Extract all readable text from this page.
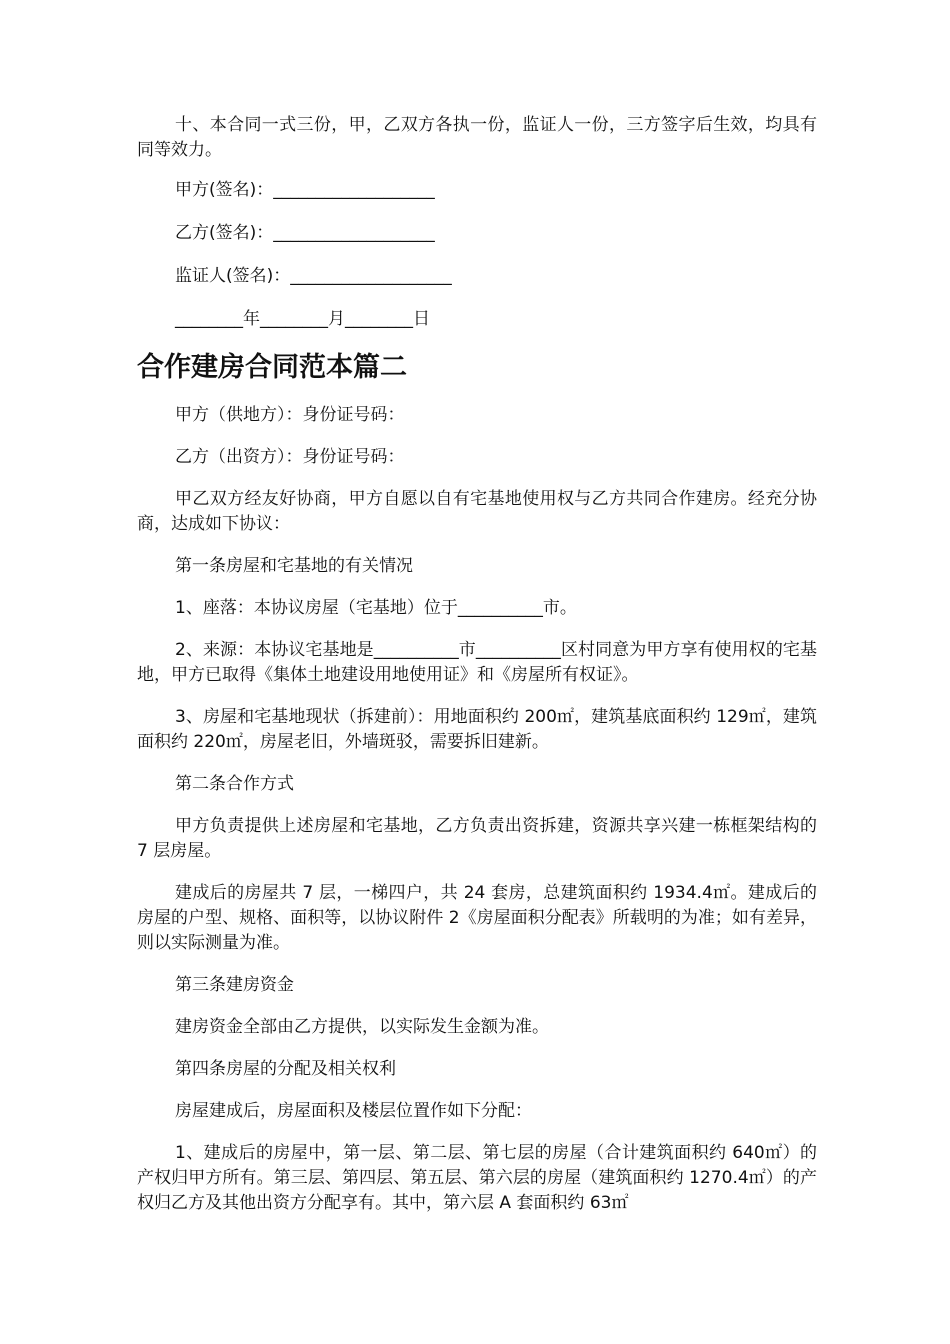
十、本合同一式三份，甲，乙双方各执一份，监证人一份，三方签字后生效，均具有同等效力。

甲方(签名)：___________________

乙方(签名)：___________________

监证人(签名)：___________________

________年________月________日

合作建房合同范本篇二

甲方（供地方）：身份证号码：

乙方（出资方）：身份证号码：

甲乙双方经友好协商，甲方自愿以自有宅基地使用权与乙方共同合作建房。经充分协商，达成如下协议：

第一条房屋和宅基地的有关情况

1、座落：本协议房屋（宅基地）位于__________市。

2、来源：本协议宅基地是__________市__________区村同意为甲方享有使用权的宅基地，甲方已取得《集体土地建设用地使用证》和《房屋所有权证》。

3、房屋和宅基地现状（拆建前）：用地面积约 200㎡，建筑基底面积约 129㎡，建筑面积约 220㎡，房屋老旧，外墙斑驳，需要拆旧建新。

第二条合作方式

甲方负责提供上述房屋和宅基地，乙方负责出资拆建，资源共享兴建一栋框架结构的 7 层房屋。

建成后的房屋共 7 层，一梯四户，共 24 套房，总建筑面积约 1934.4㎡。建成后的房屋的户型、规格、面积等，以协议附件 2《房屋面积分配表》所载明的为准；如有差异，则以实际测量为准。

第三条建房资金

建房资金全部由乙方提供，以实际发生金额为准。

第四条房屋的分配及相关权利

房屋建成后，房屋面积及楼层位置作如下分配：

1、建成后的房屋中，第一层、第二层、第七层的房屋（合计建筑面积约 640㎡）的产权归甲方所有。第三层、第四层、第五层、第六层的房屋（建筑面积约 1270.4㎡）的产权归乙方及其他出资方分配享有。其中，第六层 A 套面积约 63㎡
